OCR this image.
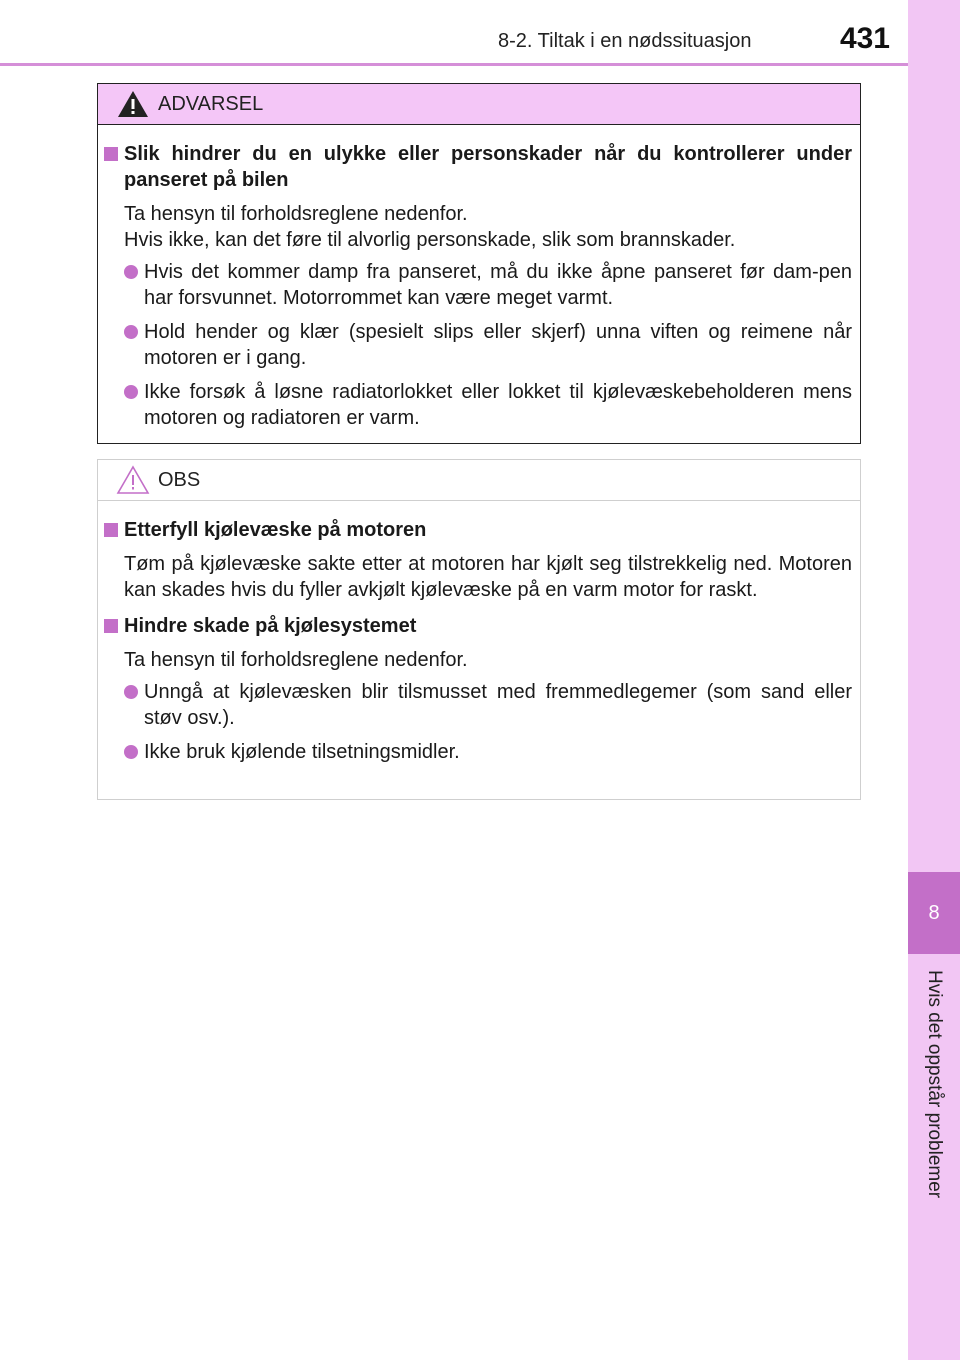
8-2. Tiltak i en nødssituasjon	431
8
Hvis det oppstår problemer
ADVARSEL
Slik hindrer du en ulykke eller personskader når du kontrollerer under panseret på bilen
Ta hensyn til forholdsreglene nedenfor.
Hvis ikke, kan det føre til alvorlig personskade, slik som brannskader.
Hvis det kommer damp fra panseret, må du ikke åpne panseret før dam-pen har forsvunnet. Motorrommet kan være meget varmt.
Hold hender og klær (spesielt slips eller skjerf) unna viften og reimene når motoren er i gang.
Ikke forsøk å løsne radiatorlokket eller lokket til kjølevæskebeholderen mens motoren og radiatoren er varm.
OBS
Etterfyll kjølevæske på motoren
Tøm på kjølevæske sakte etter at motoren har kjølt seg tilstrekkelig ned. Motoren kan skades hvis du fyller avkjølt kjølevæske på en varm motor for raskt.
Hindre skade på kjølesystemet
Ta hensyn til forholdsreglene nedenfor.
Unngå at kjølevæsken blir tilsmusset med fremmedlegemer (som sand eller støv osv.).
Ikke bruk kjølende tilsetningsmidler.
